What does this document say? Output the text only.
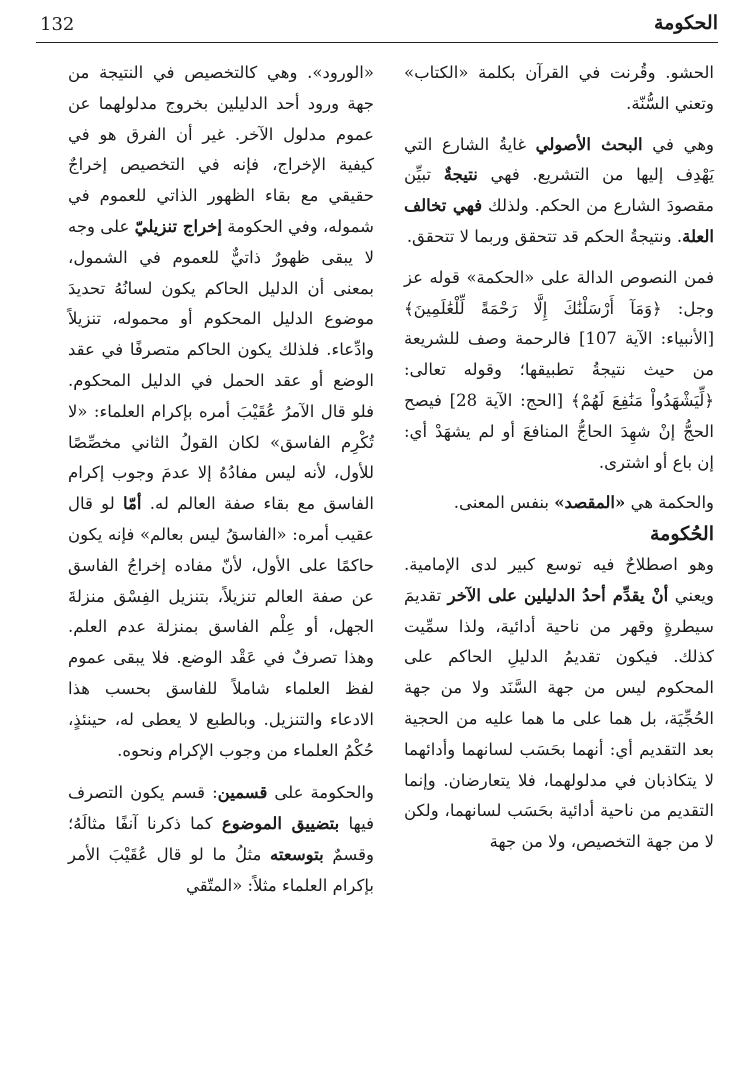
132	الحكومة

الحشو. وقُرنت في القرآن بكلمة «الكتاب» وتعني السُّنّة.

وهي في البحث الأصولي غايةُ الشارع التي يَهْدِف إليها من التشريع. فهي نتيجةٌ تبيِّن مقصودَ الشارع من الحكم. ولذلك فهي تخالف العلة. ونتيجةُ الحكم قد تتحقق وربما لا تتحقق.

فمن النصوص الدالة على «الحكمة» قوله عز وجل: ﴿وَمَآ أَرْسَلْنَٰكَ إِلَّا رَحْمَةً لِّلْعَٰلَمِينَ﴾ [الأنبياء: الآية 107] فالرحمة وصف للشريعة من حيث نتيجةُ تطبيقها؛ وقوله تعالى: ﴿لِّيَشْهَدُواْ مَنَٰفِعَ لَهُمْ﴾ [الحج: الآية 28] فيصح الحجُّ إنْ شهِدَ الحاجُّ المنافعَ أو لم يشهَدْ أي: إن باع أو اشترى.

والحكمة هي «المقصد» بنفس المعنى.

الحُكومة

وهو اصطلاحٌ فيه توسع كبير لدى الإمامية. ويعني أنْ يقدِّم أحدُ الدليلين على الآخر تقديمَ سيطرةٍ وقهر من ناحية أدائية، ولذا سمِّيت كذلك. فيكون تقديمُ الدليلِ الحاكم على المحكوم ليس من جهة السَّنَد ولا من جهة الحُجِّيَة، بل هما على ما هما عليه من الحجية بعد التقديم أي: أنهما بحَسَب لسانهما وأدائهما لا يتكاذبان في مدلولهما، فلا يتعارضان. وإنما التقديم من ناحية أدائية بحَسَب لسانهما، ولكن لا من جهة التخصيص، ولا من جهة

«الورود». وهي كالتخصيص في النتيجة من جهة ورود أحد الدليلين بخروج مدلولهما عن عموم مدلول الآخر. غير أن الفرق هو في كيفية الإخراج، فإنه في التخصيص إخراجٌ حقيقي مع بقاء الظهور الذاتي للعموم في شموله، وفي الحكومة إخراج تنزيليّ على وجه لا يبقى ظهورٌ ذاتيٌّ للعموم في الشمول، بمعنى أن الدليل الحاكم يكون لسانُهُ تحديدَ موضوع الدليل المحكوم أو محموله، تنزيلاً وادِّعاء. فلذلك يكون الحاكم متصرفًا في عقد الوضع أو عقد الحمل في الدليل المحكوم. فلو قال الآمرُ عُقَيْبَ أمره بإكرام العلماء: «لا تُكْرِم الفاسق» لكان القولُ الثاني مخصِّصًا للأول، لأنه ليس مفادُهُ إلا عدمَ وجوب إكرام الفاسق مع بقاء صفة العالم له. أمّا لو قال عقيب أمره: «الفاسقُ ليس بعالم» فإنه يكون حاكمًا على الأول، لأنّ مفاده إخراجُ الفاسق عن صفة العالم تنزيلاً، بتنزيل الفِسْق منزلةَ الجهل، أو عِلْم الفاسق بمنزلة عدم العلم. وهذا تصرفٌ في عَقْد الوضع. فلا يبقى عموم لفظ العلماء شاملاً للفاسق بحسب هذا الادعاء والتنزيل. وبالطبع لا يعطى له، حينئذٍ، حُكْمُ العلماء من وجوب الإكرام ونحوه.

والحكومة على قسمين: قسم يكون التصرف فيها بتضييق الموضوع كما ذكرنا آنفًا مثالَهُ؛ وقسمٌ بتوسعته مثلُ ما لو قال عُقَيْبَ الأمر بإكرام العلماء مثلاً: «المتّقي
